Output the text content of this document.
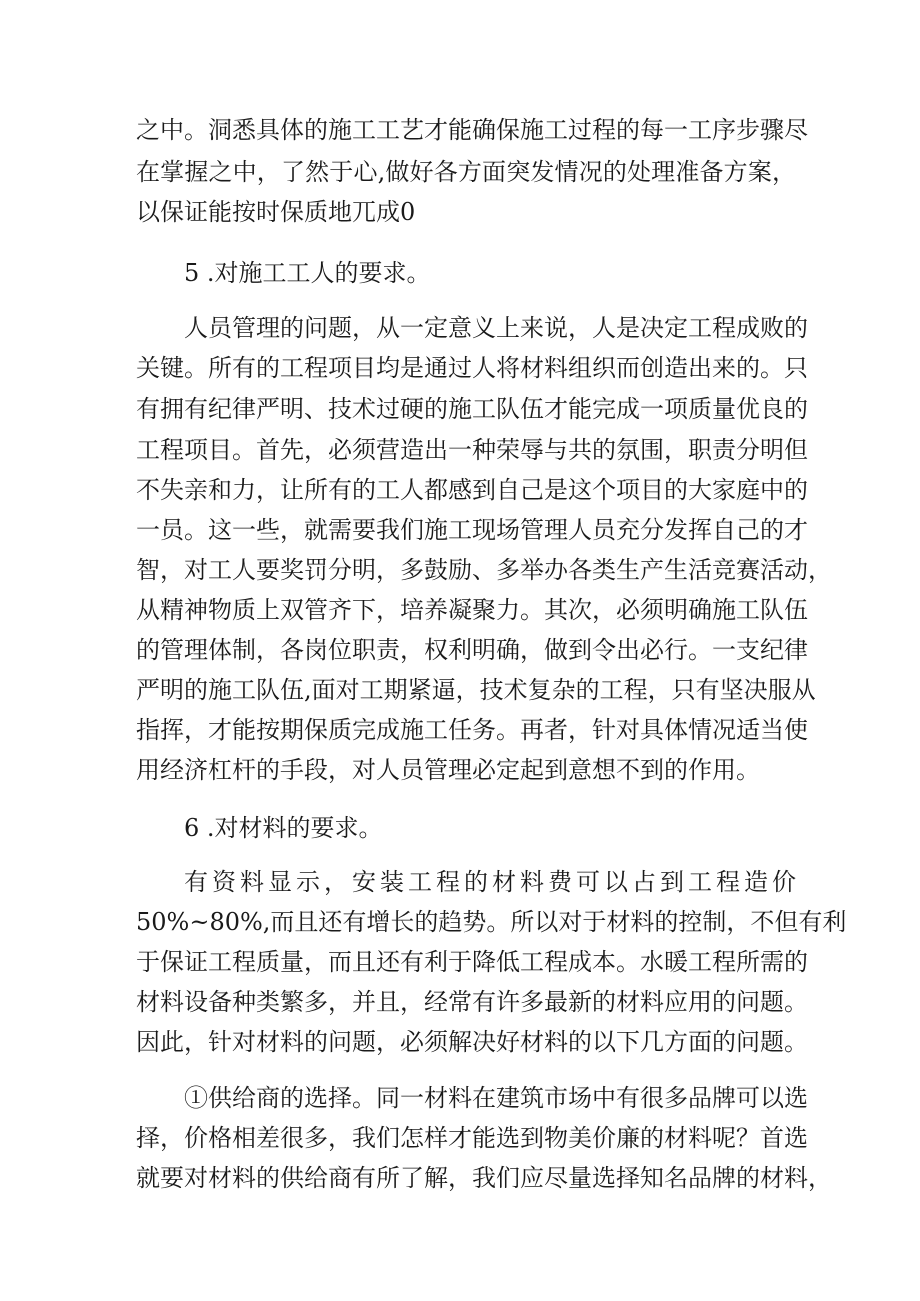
之中。洞悉具体的施工工艺才能确保施工过程的每一工序步骤尽
在掌握之中，了然于心,做好各方面突发情况的处理准备方案，
以保证能按时保质地兀成0
5 .对施工工人的要求。
人员管理的问题，从一定意义上来说，人是决定工程成败的
关键。所有的工程项目均是通过人将材料组织而创造出来的。只
有拥有纪律严明、技术过硬的施工队伍才能完成一项质量优良的
工程项目。首先，必须营造出一种荣辱与共的氛围，职责分明但
不失亲和力，让所有的工人都感到自己是这个项目的大家庭中的
一员。这一些，就需要我们施工现场管理人员充分发挥自己的才
智，对工人要奖罚分明，多鼓励、多举办各类生产生活竞赛活动，
从精神物质上双管齐下，培养凝聚力。其次，必须明确施工队伍
的管理体制，各岗位职责，权利明确，做到令出必行。一支纪律
严明的施工队伍,面对工期紧逼，技术复杂的工程，只有坚决服从
指挥，才能按期保质完成施工任务。再者，针对具体情况适当使
用经济杠杆的手段，对人员管理必定起到意想不到的作用。
6 .对材料的要求。
有资料显示，安装工程的材料费可以占到工程造价
50%~80%,而且还有增长的趋势。所以对于材料的控制，不但有利
于保证工程质量，而且还有利于降低工程成本。水暖工程所需的
材料设备种类繁多，并且，经常有许多最新的材料应用的问题。
因此，针对材料的问题，必须解决好材料的以下几方面的问题。
①供给商的选择。同一材料在建筑市场中有很多品牌可以选
择，价格相差很多，我们怎样才能选到物美价廉的材料呢？首选
就要对材料的供给商有所了解，我们应尽量选择知名品牌的材料，
